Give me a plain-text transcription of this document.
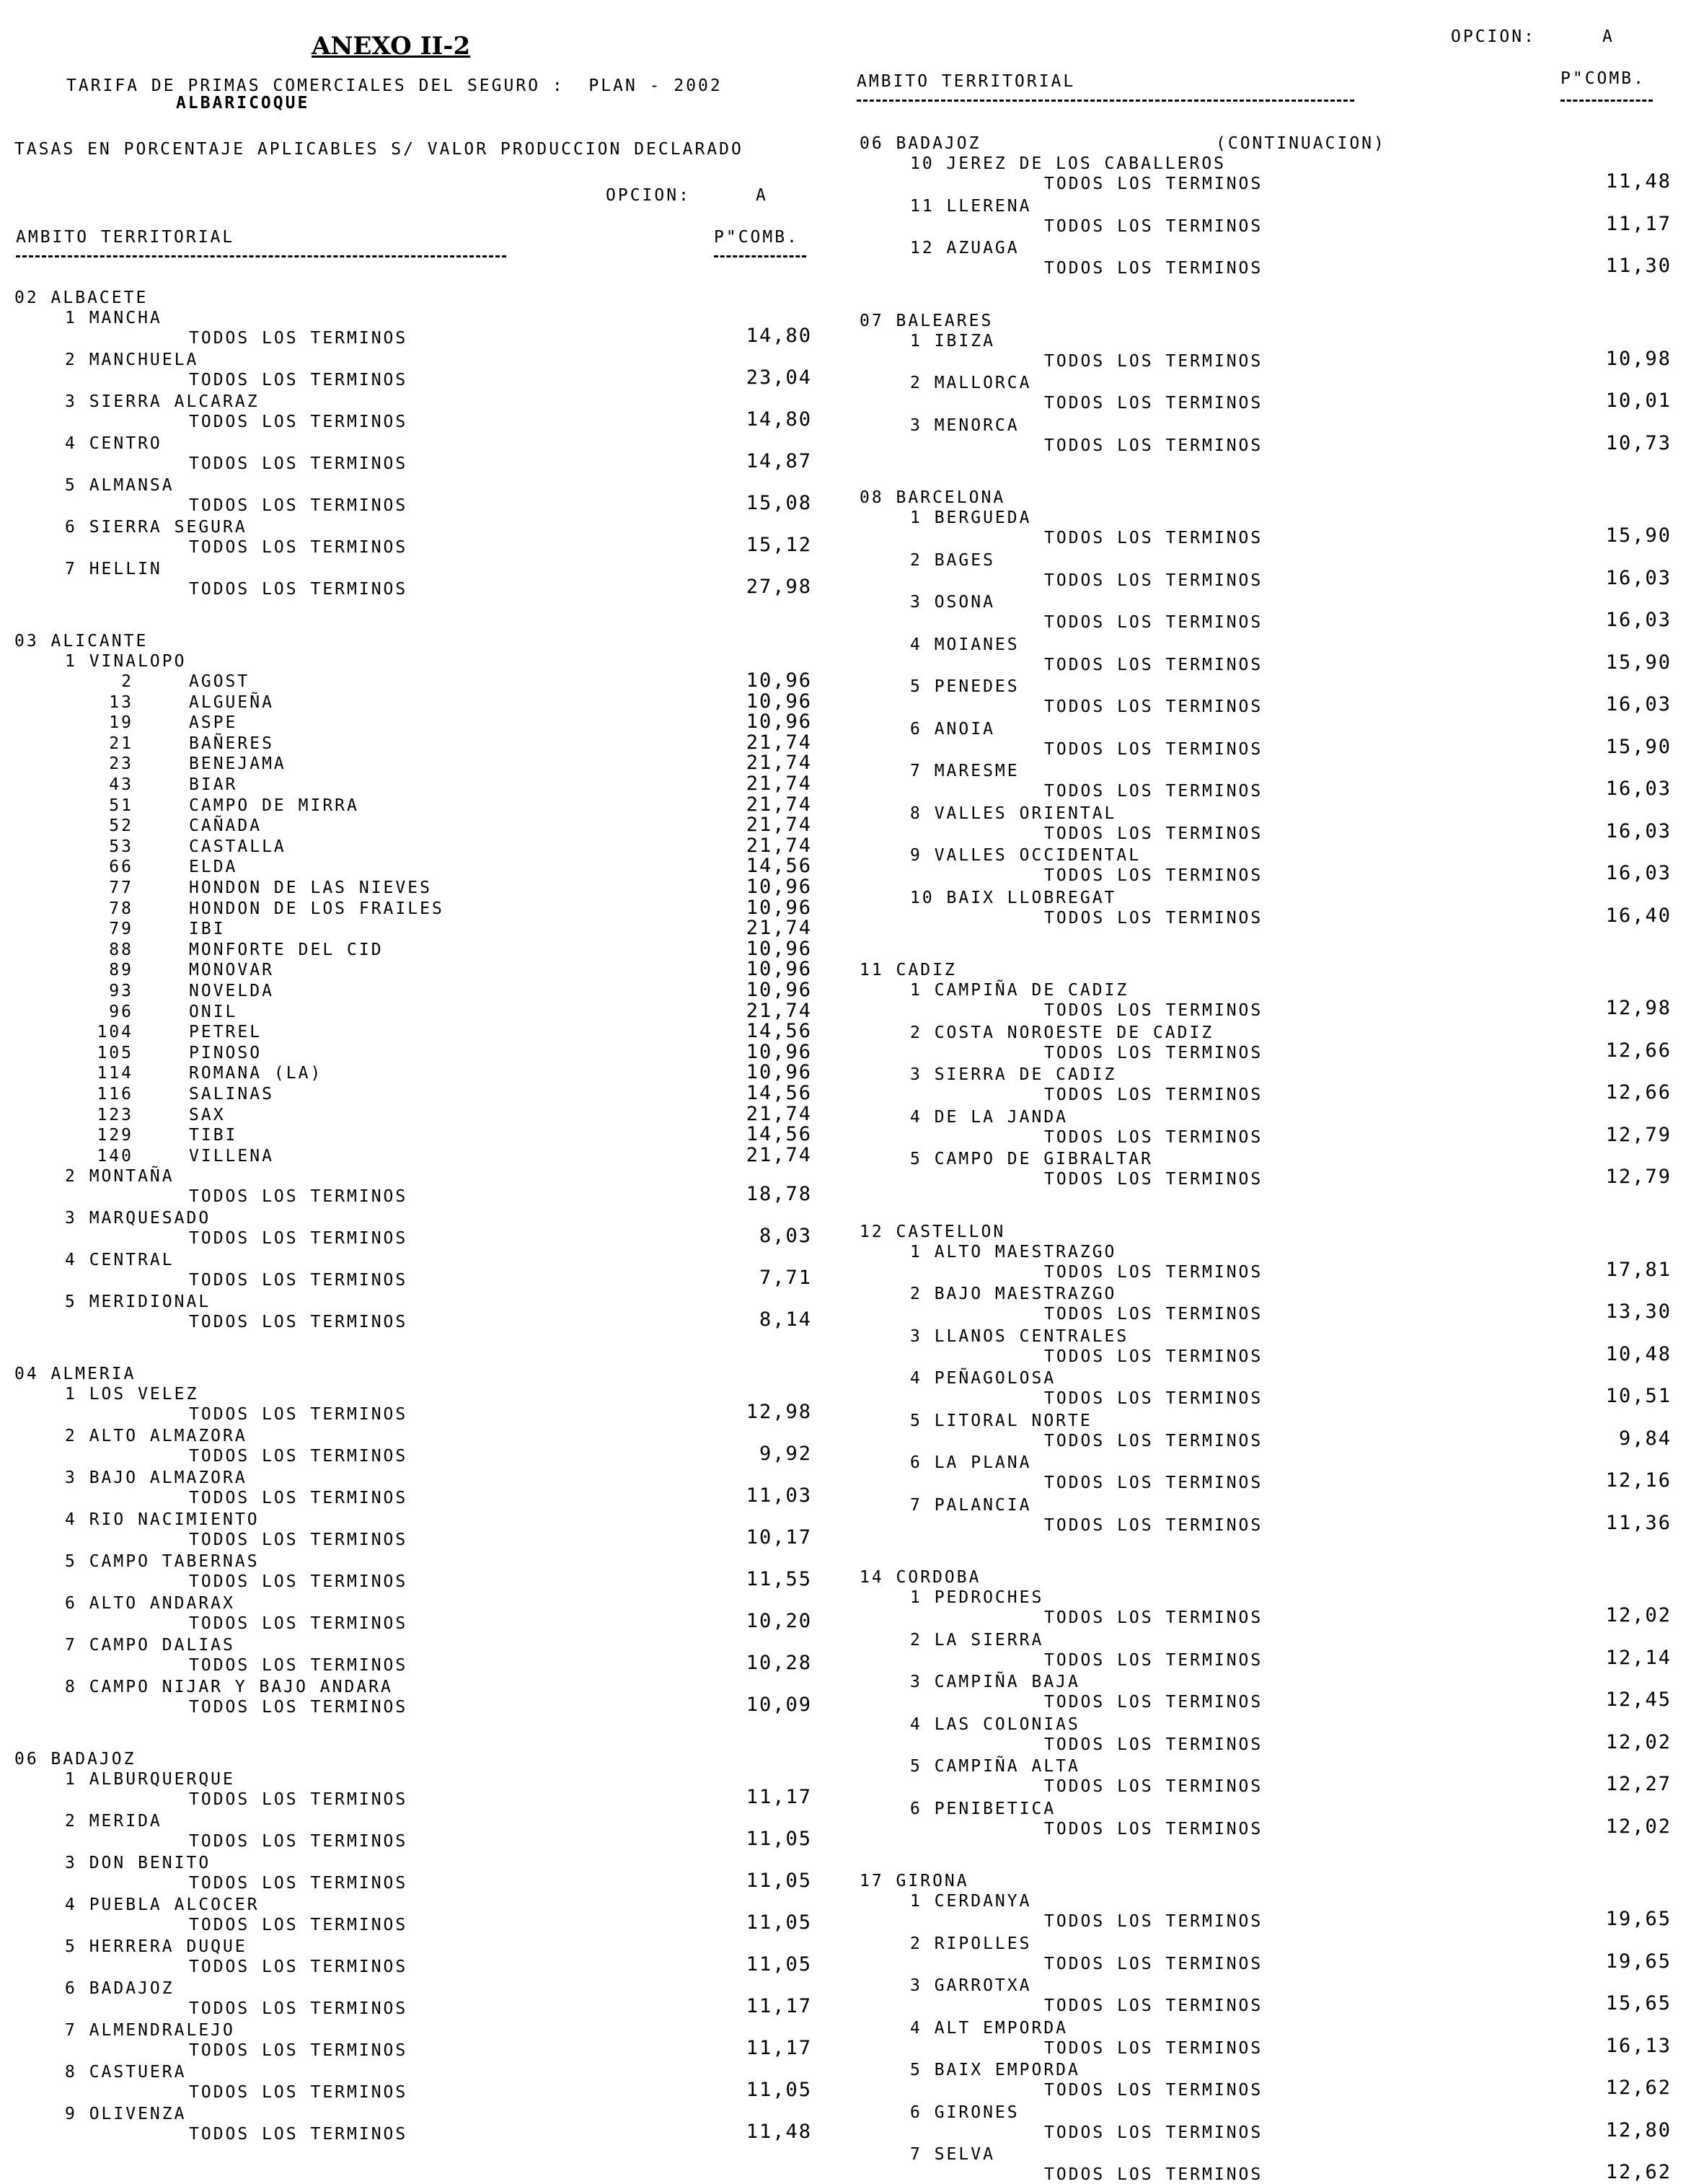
ANEXO II-2
TARIFA DE PRIMAS COMERCIALES DEL SEGURO :  PLAN - 2002
ALBARICOQUE
TASAS EN PORCENTAJE APLICABLES S/ VALOR PRODUCCION DECLARADO
OPCION:	A
AMBITO TERRITORIAL	P"COMB.
OPCION:	A
AMBITO TERRITORIAL	P"COMB.
02 ALBACETE
1 MANCHA
TODOS LOS TERMINOS	14,80
2 MANCHUELA
TODOS LOS TERMINOS	23,04
3 SIERRA ALCARAZ
TODOS LOS TERMINOS	14,80
4 CENTRO
TODOS LOS TERMINOS	14,87
5 ALMANSA
TODOS LOS TERMINOS	15,08
6 SIERRA SEGURA
TODOS LOS TERMINOS	15,12
7 HELLIN
TODOS LOS TERMINOS	27,98
03 ALICANTE
1 VINALOPO
2	AGOST	10,96
13	ALGUEÑA	10,96
19	ASPE	10,96
21	BAÑERES	21,74
23	BENEJAMA	21,74
43	BIAR	21,74
51	CAMPO DE MIRRA	21,74
52	CAÑADA	21,74
53	CASTALLA	21,74
66	ELDA	14,56
77	HONDON DE LAS NIEVES	10,96
78	HONDON DE LOS FRAILES	10,96
79	IBI	21,74
88	MONFORTE DEL CID	10,96
89	MONOVAR	10,96
93	NOVELDA	10,96
96	ONIL	21,74
104	PETREL	14,56
105	PINOSO	10,96
114	ROMANA (LA)	10,96
116	SALINAS	14,56
123	SAX	21,74
129	TIBI	14,56
140	VILLENA	21,74
2 MONTAÑA
TODOS LOS TERMINOS	18,78
3 MARQUESADO
TODOS LOS TERMINOS	8,03
4 CENTRAL
TODOS LOS TERMINOS	7,71
5 MERIDIONAL
TODOS LOS TERMINOS	8,14
04 ALMERIA
1 LOS VELEZ
TODOS LOS TERMINOS	12,98
2 ALTO ALMAZORA
TODOS LOS TERMINOS	9,92
3 BAJO ALMAZORA
TODOS LOS TERMINOS	11,03
4 RIO NACIMIENTO
TODOS LOS TERMINOS	10,17
5 CAMPO TABERNAS
TODOS LOS TERMINOS	11,55
6 ALTO ANDARAX
TODOS LOS TERMINOS	10,20
7 CAMPO DALIAS
TODOS LOS TERMINOS	10,28
8 CAMPO NIJAR Y BAJO ANDARA
TODOS LOS TERMINOS	10,09
06 BADAJOZ
1 ALBURQUERQUE
TODOS LOS TERMINOS	11,17
2 MERIDA
TODOS LOS TERMINOS	11,05
3 DON BENITO
TODOS LOS TERMINOS	11,05
4 PUEBLA ALCOCER
TODOS LOS TERMINOS	11,05
5 HERRERA DUQUE
TODOS LOS TERMINOS	11,05
6 BADAJOZ
TODOS LOS TERMINOS	11,17
7 ALMENDRALEJO
TODOS LOS TERMINOS	11,17
8 CASTUERA
TODOS LOS TERMINOS	11,05
9 OLIVENZA
TODOS LOS TERMINOS	11,48
06 BADAJOZ	(CONTINUACION)
10 JEREZ DE LOS CABALLEROS
TODOS LOS TERMINOS	11,48
11 LLERENA
TODOS LOS TERMINOS	11,17
12 AZUAGA
TODOS LOS TERMINOS	11,30
07 BALEARES
1 IBIZA
TODOS LOS TERMINOS	10,98
2 MALLORCA
TODOS LOS TERMINOS	10,01
3 MENORCA
TODOS LOS TERMINOS	10,73
08 BARCELONA
1 BERGUEDA
TODOS LOS TERMINOS	15,90
2 BAGES
TODOS LOS TERMINOS	16,03
3 OSONA
TODOS LOS TERMINOS	16,03
4 MOIANES
TODOS LOS TERMINOS	15,90
5 PENEDES
TODOS LOS TERMINOS	16,03
6 ANOIA
TODOS LOS TERMINOS	15,90
7 MARESME
TODOS LOS TERMINOS	16,03
8 VALLES ORIENTAL
TODOS LOS TERMINOS	16,03
9 VALLES OCCIDENTAL
TODOS LOS TERMINOS	16,03
10 BAIX LLOBREGAT
TODOS LOS TERMINOS	16,40
11 CADIZ
1 CAMPIÑA DE CADIZ
TODOS LOS TERMINOS	12,98
2 COSTA NOROESTE DE CADIZ
TODOS LOS TERMINOS	12,66
3 SIERRA DE CADIZ
TODOS LOS TERMINOS	12,66
4 DE LA JANDA
TODOS LOS TERMINOS	12,79
5 CAMPO DE GIBRALTAR
TODOS LOS TERMINOS	12,79
12 CASTELLON
1 ALTO MAESTRAZGO
TODOS LOS TERMINOS	17,81
2 BAJO MAESTRAZGO
TODOS LOS TERMINOS	13,30
3 LLANOS CENTRALES
TODOS LOS TERMINOS	10,48
4 PEÑAGOLOSA
TODOS LOS TERMINOS	10,51
5 LITORAL NORTE
TODOS LOS TERMINOS	9,84
6 LA PLANA
TODOS LOS TERMINOS	12,16
7 PALANCIA
TODOS LOS TERMINOS	11,36
14 CORDOBA
1 PEDROCHES
TODOS LOS TERMINOS	12,02
2 LA SIERRA
TODOS LOS TERMINOS	12,14
3 CAMPIÑA BAJA
TODOS LOS TERMINOS	12,45
4 LAS COLONIAS
TODOS LOS TERMINOS	12,02
5 CAMPIÑA ALTA
TODOS LOS TERMINOS	12,27
6 PENIBETICA
TODOS LOS TERMINOS	12,02
17 GIRONA
1 CERDANYA
TODOS LOS TERMINOS	19,65
2 RIPOLLES
TODOS LOS TERMINOS	19,65
3 GARROTXA
TODOS LOS TERMINOS	15,65
4 ALT EMPORDA
TODOS LOS TERMINOS	16,13
5 BAIX EMPORDA
TODOS LOS TERMINOS	12,62
6 GIRONES
TODOS LOS TERMINOS	12,80
7 SELVA
TODOS LOS TERMINOS	12,62
